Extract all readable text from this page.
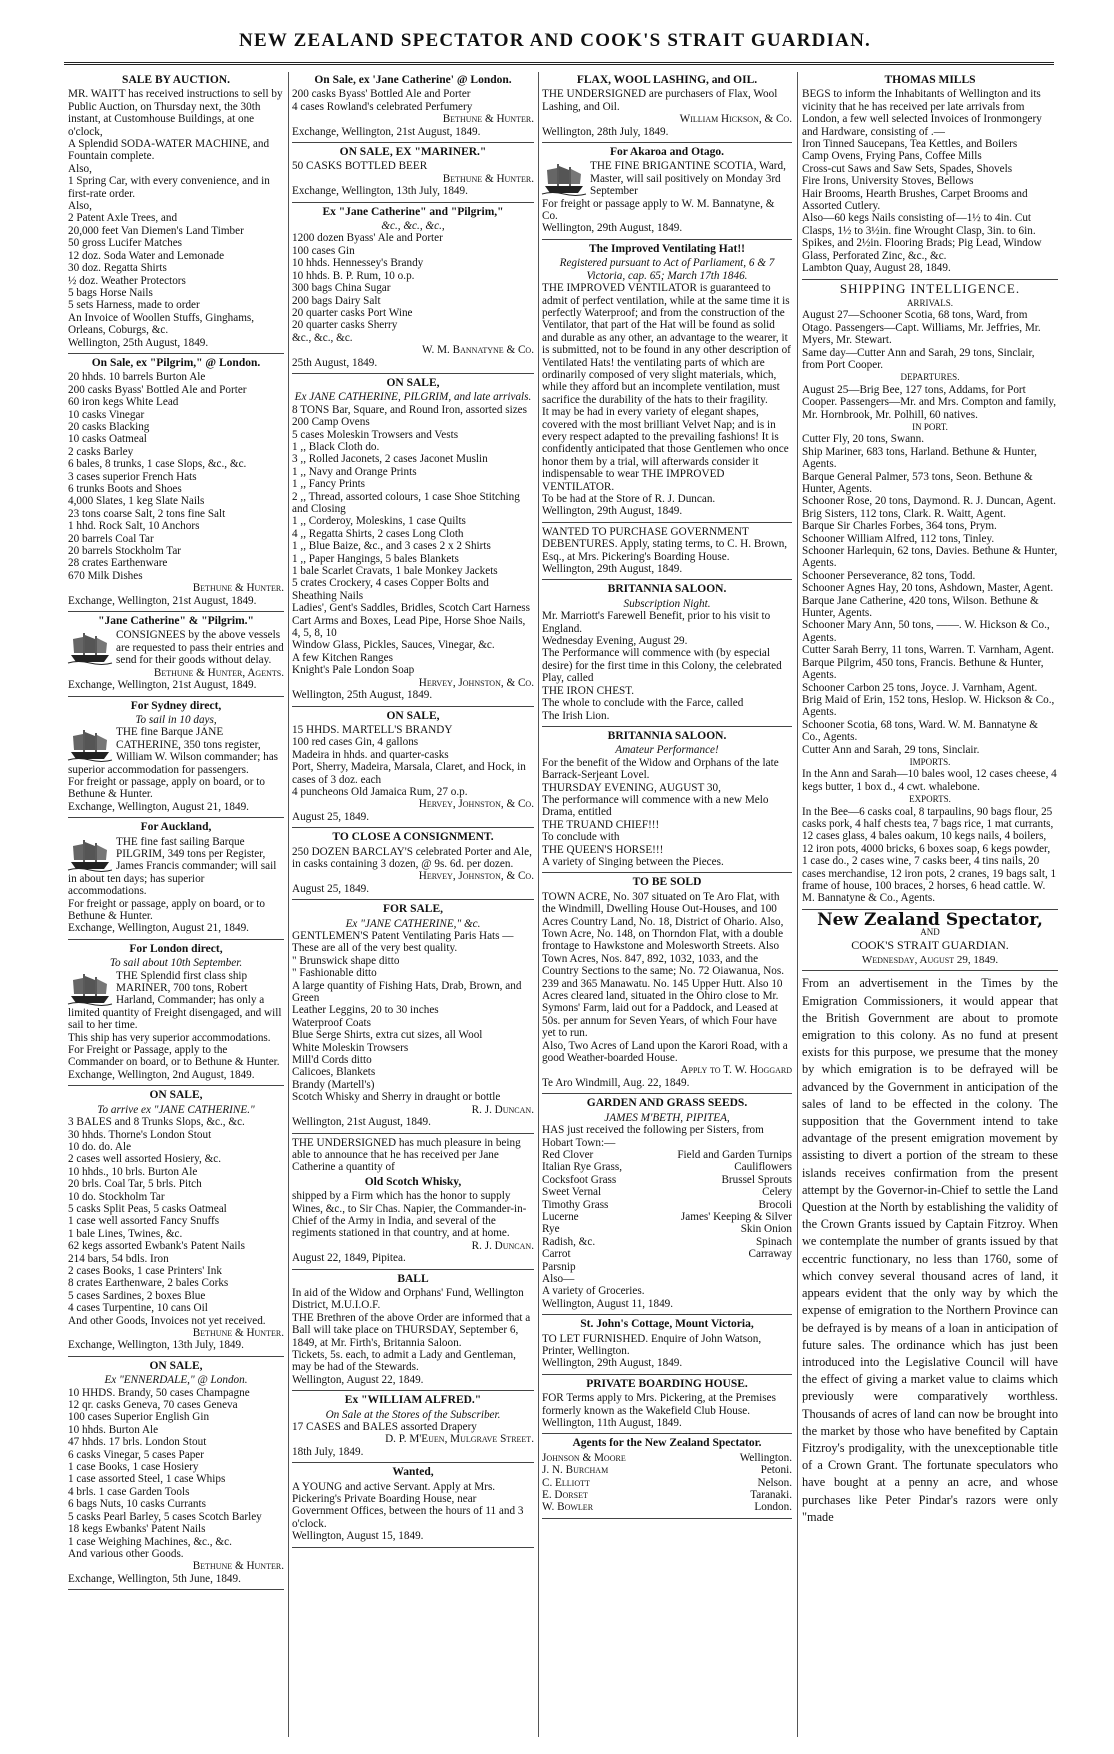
NEW ZEALAND SPECTATOR AND COOK'S STRAIT GUARDIAN.
SALE BY AUCTION.
MR. WAITT has received instructions to sell by Public Auction, on Thursday next, the 30th instant, at Customhouse Buildings, at one o'clock,
A Splendid SODA-WATER MACHINE, and Fountain complete.
Also,
1 Spring Car, with every convenience, and in first-rate order.
Also,
2 Patent Axle Trees, and
20,000 feet Van Diemen's Land Timber
50 gross Lucifer Matches
12 doz. Soda Water and Lemonade
30 doz. Regatta Shirts
½ doz. Weather Protectors
5 bags Horse Nails
5 sets Harness, made to order
An Invoice of Woollen Stuffs, Ginghams, Orleans, Coburgs, &c.
Wellington, 25th August, 1849.
On Sale, ex "Pilgrim," @ London.
20 hhds. 10 barrels Burton Ale
200 casks Byass' Bottled Ale and Porter
60 iron kegs White Lead
10 casks Vinegar
20 casks Blacking
10 casks Oatmeal
2 casks Barley
6 bales, 8 trunks, 1 case Slops, &c., &c.
3 cases superior French Hats
6 trunks Boots and Shoes
4,000 Slates, 1 keg Slate Nails
23 tons coarse Salt, 2 tons fine Salt
1 hhd. Rock Salt, 10 Anchors
20 barrels Coal Tar
20 barrels Stockholm Tar
28 crates Earthenware
670 Milk Dishes
Bethune & Hunter.
Exchange, Wellington, 21st August, 1849.
"Jane Catherine" & "Pilgrim."
CONSIGNEES by the above vessels are requested to pass their entries and send for their goods without delay.
Bethune & Hunter, Agents.
Exchange, Wellington, 21st August, 1849.
For Sydney direct,
To sail in 10 days,
THE fine Barque JANE CATHERINE, 350 tons register, William W. Wilson commander; has superior accommodation for passengers.
For freight or passage, apply on board, or to Bethune & Hunter.
Exchange, Wellington, August 21, 1849.
For Auckland,
THE fine fast sailing Barque PILGRIM, 349 tons per Register, James Francis commander; will sail in about ten days; has superior accommodations.
For freight or passage, apply on board, or to Bethune & Hunter.
Exchange, Wellington, August 21, 1849.
For London direct,
To sail about 10th September.
THE Splendid first class ship MARINER, 700 tons, Robert Harland, Commander; has only a limited quantity of Freight disengaged, and will sail to her time.
This ship has very superior accommodations. For Freight or Passage, apply to the Commander on board, or to Bethune & Hunter.
Exchange, Wellington, 2nd August, 1849.
ON SALE,
To arrive ex "JANE CATHERINE."
3 BALES and 8 Trunks Slops, &c., &c.
30 hhds. Thorne's London Stout
10 do. do. Ale
2 cases well assorted Hosiery, &c.
10 hhds., 10 brls. Burton Ale
20 brls. Coal Tar, 5 brls. Pitch
10 do. Stockholm Tar
5 casks Split Peas, 5 casks Oatmeal
1 case well assorted Fancy Snuffs
1 bale Lines, Twines, &c.
62 kegs assorted Ewbank's Patent Nails
214 bars, 54 bdls. Iron
2 cases Books, 1 case Printers' Ink
8 crates Earthenware, 2 bales Corks
5 cases Sardines, 2 boxes Blue
4 cases Turpentine, 10 cans Oil
And other Goods, Invoices not yet received.
Bethune & Hunter.
Exchange, Wellington, 13th July, 1849.
ON SALE,
Ex "ENNERDALE," @ London.
10 HHDS. Brandy, 50 cases Champagne
12 qr. casks Geneva, 70 cases Geneva
100 cases Superior English Gin
10 hhds. Burton Ale
47 hhds. 17 brls. London Stout
6 casks Vinegar, 5 cases Paper
1 case Books, 1 case Hosiery
1 case assorted Steel, 1 case Whips
4 brls. 1 case Garden Tools
6 bags Nuts, 10 casks Currants
5 casks Pearl Barley, 5 cases Scotch Barley
18 kegs Ewbanks' Patent Nails
1 case Weighing Machines, &c., &c.
And various other Goods.
Bethune & Hunter.
Exchange, Wellington, 5th June, 1849.
On Sale, ex 'Jane Catherine' @ London.
200 casks Byass' Bottled Ale and Porter
4 cases Rowland's celebrated Perfumery
Bethune & Hunter.
Exchange, Wellington, 21st August, 1849.
ON SALE, EX "MARINER."
50 CASKS BOTTLED BEER
Bethune & Hunter.
Exchange, Wellington, 13th July, 1849.
Ex "Jane Catherine" and "Pilgrim,"
&c., &c., &c.,
1200 dozen Byass' Ale and Porter
100 cases Gin
10 hhds. Hennessey's Brandy
10 hhds. B. P. Rum, 10 o.p.
300 bags China Sugar
200 bags Dairy Salt
20 quarter casks Port Wine
20 quarter casks Sherry
&c., &c., &c.
W. M. Bannatyne & Co.
25th August, 1849.
ON SALE,
Ex JANE CATHERINE, PILGRIM, and late arrivals.
8 TONS Bar, Square, and Round Iron, assorted sizes
200 Camp Ovens
5 cases Moleskin Trowsers and Vests
1 ,, Black Cloth do.
3 ,, Rolled Jaconets, 2 cases Jaconet Muslin
1 ,, Navy and Orange Prints
1 ,, Fancy Prints
2 ,, Thread, assorted colours, 1 case Shoe Stitching and Closing
1 ,, Corderoy, Moleskins, 1 case Quilts
4 ,, Regatta Shirts, 2 cases Long Cloth
1 ,, Blue Baize, &c., and 3 cases 2 x 2 Shirts
1 ,, Paper Hangings, 5 bales Blankets
1 bale Scarlet Cravats, 1 bale Monkey Jackets
5 crates Crockery, 4 cases Copper Bolts and Sheathing Nails
Ladies', Gent's Saddles, Bridles, Scotch Cart Harness
Cart Arms and Boxes, Lead Pipe, Horse Shoe Nails, 4, 5, 8, 10
Window Glass, Pickles, Sauces, Vinegar, &c.
A few Kitchen Ranges
Knight's Pale London Soap
Hervey, Johnston, & Co.
Wellington, 25th August, 1849.
ON SALE,
15 HHDS. MARTELL'S BRANDY
100 red cases Gin, 4 gallons
Madeira in hhds. and quarter-casks
Port, Sherry, Madeira, Marsala, Claret, and Hock, in cases of 3 doz. each
4 puncheons Old Jamaica Rum, 27 o.p.
Hervey, Johnston, & Co.
August 25, 1849.
TO CLOSE A CONSIGNMENT.
250 DOZEN BARCLAY'S celebrated Porter and Ale, in casks containing 3 dozen, @ 9s. 6d. per dozen.
Hervey, Johnston, & Co.
August 25, 1849.
FOR SALE,
Ex "JANE CATHERINE," &c.
GENTLEMEN'S Patent Ventilating Paris Hats — These are all of the very best quality.
" Brunswick shape ditto
" Fashionable ditto
A large quantity of Fishing Hats, Drab, Brown, and Green
Leather Leggins, 20 to 30 inches
Waterproof Coats
Blue Serge Shirts, extra cut sizes, all Wool
White Moleskin Trowsers
Mill'd Cords ditto
Calicoes, Blankets
Brandy (Martell's)
Scotch Whisky and Sherry in draught or bottle
R. J. Duncan.
Wellington, 21st August, 1849.
THE UNDERSIGNED has much pleasure in being able to announce that he has received per Jane Catherine a quantity of
Old Scotch Whisky,
shipped by a Firm which has the honor to supply Wines, &c., to Sir Chas. Napier, the Commander-in-Chief of the Army in India, and several of the regiments stationed in that country, and at home.
R. J. Duncan.
August 22, 1849, Pipitea.
BALL
In aid of the Widow and Orphans' Fund, Wellington District, M.U.I.O.F.
THE Brethren of the above Order are informed that a Ball will take place on THURSDAY, September 6, 1849, at Mr. Firth's, Britannia Saloon.
Tickets, 5s. each, to admit a Lady and Gentleman, may be had of the Stewards.
Wellington, August 22, 1849.
Ex "WILLIAM ALFRED."
On Sale at the Stores of the Subscriber.
17 CASES and BALES assorted Drapery
D. P. M'Euen, Mulgrave Street.
18th July, 1849.
Wanted,
A YOUNG and active Servant. Apply at Mrs. Pickering's Private Boarding House, near Government Offices, between the hours of 11 and 3 o'clock.
Wellington, August 15, 1849.
FLAX, WOOL LASHING, and OIL.
THE UNDERSIGNED are purchasers of Flax, Wool Lashing, and Oil.
William Hickson, & Co.
Wellington, 28th July, 1849.
For Akaroa and Otago.
THE FINE BRIGANTINE SCOTIA, Ward, Master, will sail positively on Monday 3rd September
For freight or passage apply to W. M. Bannatyne, & Co.
Wellington, 29th August, 1849.
The Improved Ventilating Hat!!
Registered pursuant to Act of Parliament, 6 & 7 Victoria, cap. 65; March 17th 1846.
THE IMPROVED VENTILATOR is guaranteed to admit of perfect ventilation, while at the same time it is perfectly Waterproof; and from the construction of the Ventilator, that part of the Hat will be found as solid and durable as any other, an advantage to the wearer, it is submitted, not to be found in any other description of Ventilated Hats! the ventilating parts of which are ordinarily composed of very slight materials, which, while they afford but an incomplete ventilation, must sacrifice the durability of the hats to their fragility.
It may be had in every variety of elegant shapes, covered with the most brilliant Velvet Nap; and is in every respect adapted to the prevailing fashions! It is confidently anticipated that those Gentlemen who once honor them by a trial, will afterwards consider it indispensable to wear THE IMPROVED VENTILATOR.
To be had at the Store of R. J. Duncan.
Wellington, 29th August, 1849.
WANTED TO PURCHASE GOVERNMENT DEBENTURES. Apply, stating terms, to C. H. Brown, Esq., at Mrs. Pickering's Boarding House.
Wellington, 29th August, 1849.
BRITANNIA SALOON.
Subscription Night.
Mr. Marriott's Farewell Benefit, prior to his visit to England.
Wednesday Evening, August 29.
The Performance will commence with (by especial desire) for the first time in this Colony, the celebrated Play, called
THE IRON CHEST.
The whole to conclude with the Farce, called
The Irish Lion.
BRITANNIA SALOON.
Amateur Performance!
For the benefit of the Widow and Orphans of the late Barrack-Serjeant Lovel.
THURSDAY EVENING, AUGUST 30,
The performance will commence with a new Melo Drama, entitled
THE TRUAND CHIEF!!!
To conclude with
THE QUEEN'S HORSE!!!
A variety of Singing between the Pieces.
TO BE SOLD
TOWN ACRE, No. 307 situated on Te Aro Flat, with the Windmill, Dwelling House Out-Houses, and 100 Acres Country Land, No. 18, District of Ohario. Also, Town Acre, No. 148, on Thorndon Flat, with a double frontage to Hawkstone and Molesworth Streets. Also Town Acres, Nos. 847, 892, 1032, 1033, and the Country Sections to the same; No. 72 Oiawanua, Nos. 239 and 365 Manawatu. No. 145 Upper Hutt. Also 10 Acres cleared land, situated in the Ohiro close to Mr. Symons' Farm, laid out for a Paddock, and Leased at 50s. per annum for Seven Years, of which Four have yet to run.
Also, Two Acres of Land upon the Karori Road, with a good Weather-boarded House.
Apply to T. W. Hoggard
Te Aro Windmill, Aug. 22, 1849.
GARDEN AND GRASS SEEDS.
JAMES M'BETH, PIPITEA,
HAS just received the following per Sisters, from Hobart Town:—
Red Clover	Field and Garden Turnips
Italian Rye Grass,	Cauliflowers
Cocksfoot Grass	Brussel Sprouts
Sweet Vernal	Celery
Timothy Grass	Brocoli
Lucerne	James' Keeping & Silver
Rye	Skin Onion
Radish, &c.	Spinach
Carrot	Carraway
Parsnip
Also—
A variety of Groceries.
Wellington, August 11, 1849.
St. John's Cottage, Mount Victoria,
TO LET FURNISHED. Enquire of John Watson, Printer, Wellington.
Wellington, 29th August, 1849.
PRIVATE BOARDING HOUSE.
FOR Terms apply to Mrs. Pickering, at the Premises formerly known as the Wakefield Club House.
Wellington, 11th August, 1849.
Agents for the New Zealand Spectator.
Johnson & Moore	Wellington.
J. N. Burcham	Petoni.
C. Elliott	Nelson.
E. Dorset	Taranaki.
W. Bowler	London.
THOMAS MILLS
BEGS to inform the Inhabitants of Wellington and its vicinity that he has received per late arrivals from London, a few well selected Invoices of Ironmongery and Hardware, consisting of .—
Iron Tinned Saucepans, Tea Kettles, and Boilers
Camp Ovens, Frying Pans, Coffee Mills
Cross-cut Saws and Saw Sets, Spades, Shovels
Fire Irons, University Stoves, Bellows
Hair Brooms, Hearth Brushes, Carpet Brooms and Assorted Cutlery.
Also—60 kegs Nails consisting of—1½ to 4in. Cut Clasps, 1½ to 3½in. fine Wrought Clasp, 3in. to 6in. Spikes, and 2½in. Flooring Brads; Pig Lead, Window Glass, Perforated Zinc, &c., &c.
Lambton Quay, August 28, 1849.
SHIPPING INTELLIGENCE.
ARRIVALS.
August 27—Schooner Scotia, 68 tons, Ward, from Otago. Passengers—Capt. Williams, Mr. Jeffries, Mr. Myers, Mr. Stewart.
Same day—Cutter Ann and Sarah, 29 tons, Sinclair, from Port Cooper.
DEPARTURES.
August 25—Brig Bee, 127 tons, Addams, for Port Cooper. Passengers—Mr. and Mrs. Compton and family, Mr. Hornbrook, Mr. Polhill, 60 natives.
IN PORT.
Cutter Fly, 20 tons, Swann.
Ship Mariner, 683 tons, Harland. Bethune & Hunter, Agents.
Barque General Palmer, 573 tons, Seon. Bethune & Hunter, Agents.
Schooner Rose, 20 tons, Daymond. R. J. Duncan, Agent.
Brig Sisters, 112 tons, Clark. R. Waitt, Agent.
Barque Sir Charles Forbes, 364 tons, Prym.
Schooner William Alfred, 112 tons, Tinley.
Schooner Harlequin, 62 tons, Davies. Bethune & Hunter, Agents.
Schooner Perseverance, 82 tons, Todd.
Schooner Agnes Hay, 20 tons, Ashdown, Master, Agent.
Barque Jane Catherine, 420 tons, Wilson. Bethune & Hunter, Agents.
Schooner Mary Ann, 50 tons, ——. W. Hickson & Co., Agents.
Cutter Sarah Berry, 11 tons, Warren. T. Varnham, Agent.
Barque Pilgrim, 450 tons, Francis. Bethune & Hunter, Agents.
Schooner Carbon 25 tons, Joyce. J. Varnham, Agent.
Brig Maid of Erin, 152 tons, Heslop. W. Hickson & Co., Agents.
Schooner Scotia, 68 tons, Ward. W. M. Bannatyne & Co., Agents.
Cutter Ann and Sarah, 29 tons, Sinclair.
IMPORTS.
In the Ann and Sarah—10 bales wool, 12 cases cheese, 4 kegs butter, 1 box d., 4 cwt. whalebone.
EXPORTS.
In the Bee—6 casks coal, 8 tarpaulins, 90 bags flour, 25 casks pork, 4 half chests tea, 7 bags rice, 1 mat currants, 12 cases glass, 4 bales oakum, 10 kegs nails, 4 boilers, 12 iron pots, 4000 bricks, 6 boxes soap, 6 kegs powder, 1 case do., 2 cases wine, 7 casks beer, 4 tins nails, 20 cases merchandise, 12 iron pots, 2 cranes, 19 bags salt, 1 frame of house, 100 braces, 2 horses, 6 head cattle. W. M. Bannatyne & Co., Agents.
New Zealand Spectator,
AND
COOK'S STRAIT GUARDIAN.
Wednesday, August 29, 1849.
From an advertisement in the Times by the Emigration Commissioners, it would appear that the British Government are about to promote emigration to this colony. As no fund at present exists for this purpose, we presume that the money by which emigration is to be defrayed will be advanced by the Government in anticipation of the sales of land to be effected in the colony. The supposition that the Government intend to take advantage of the present emigration movement by assisting to divert a portion of the stream to these islands receives confirmation from the present attempt by the Governor-in-Chief to settle the Land Question at the North by establishing the validity of the Crown Grants issued by Captain Fitzroy. When we contemplate the number of grants issued by that eccentric functionary, no less than 1760, some of which convey several thousand acres of land, it appears evident that the only way by which the expense of emigration to the Northern Province can be defrayed is by means of a loan in anticipation of future sales. The ordinance which has just been introduced into the Legislative Council will have the effect of giving a market value to claims which previously were comparatively worthless. Thousands of acres of land can now be brought into the market by those who have benefited by Captain Fitzroy's prodigality, with the unexceptionable title of a Crown Grant. The fortunate speculators who have bought at a penny an acre, and whose purchases like Peter Pindar's razors were only "made
